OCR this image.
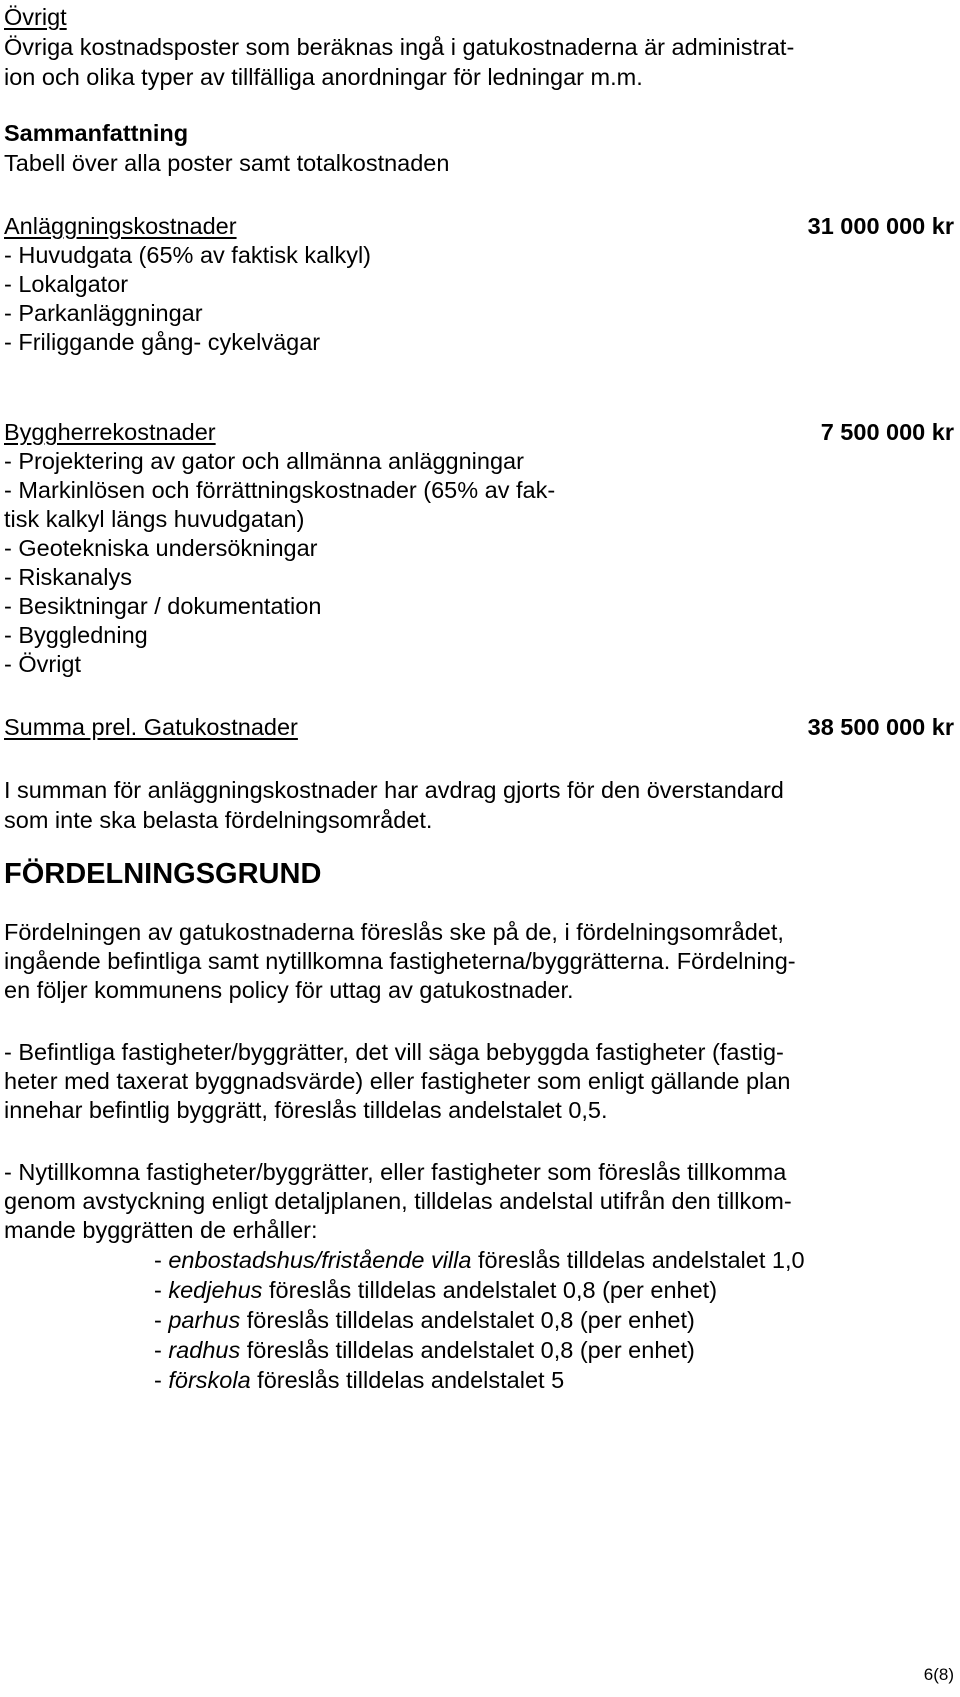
Övrigt
Övriga kostnadsposter som beräknas ingå i gatukostnaderna är administrat-
ion och olika typer av tillfälliga anordningar för ledningar m.m.
Sammanfattning
Tabell över alla poster samt totalkostnaden
Anläggningskostnader	31 000 000 kr
- Huvudgata (65% av faktisk kalkyl)
- Lokalgator
- Parkanläggningar
- Friliggande gång- cykelvägar
Byggherrekostnader	7 500 000 kr
- Projektering av gator och allmänna anläggningar
- Markinlösen och förrättningskostnader (65% av fak-
tisk kalkyl längs huvudgatan)
- Geotekniska undersökningar
- Riskanalys
- Besiktningar / dokumentation
- Byggledning
- Övrigt
Summa prel. Gatukostnader	38 500 000 kr
I summan för anläggningskostnader har avdrag gjorts för den överstandard
som inte ska belasta fördelningsområdet.
FÖRDELNINGSGRUND
Fördelningen av gatukostnaderna föreslås ske på de, i fördelningsområdet,
ingående befintliga samt nytillkomna fastigheterna/byggrätterna. Fördelning-
en följer kommunens policy för uttag av gatukostnader.
- Befintliga fastigheter/byggrätter, det vill säga bebyggda fastigheter (fastig-
heter med taxerat byggnadsvärde) eller fastigheter som enligt gällande plan
innehar befintlig byggrätt, föreslås tilldelas andelstalet 0,5.
- Nytillkomna fastigheter/byggrätter, eller fastigheter som föreslås tillkomma
genom avstyckning enligt detaljplanen, tilldelas andelstal utifrån den tillkom-
mande byggrätten de erhåller:
- enbostadshus/fristående villa föreslås tilldelas andelstalet 1,0
- kedjehus föreslås tilldelas andelstalet 0,8 (per enhet)
- parhus föreslås tilldelas andelstalet 0,8 (per enhet)
- radhus föreslås tilldelas andelstalet 0,8 (per enhet)
- förskola föreslås tilldelas andelstalet 5
6(8)
